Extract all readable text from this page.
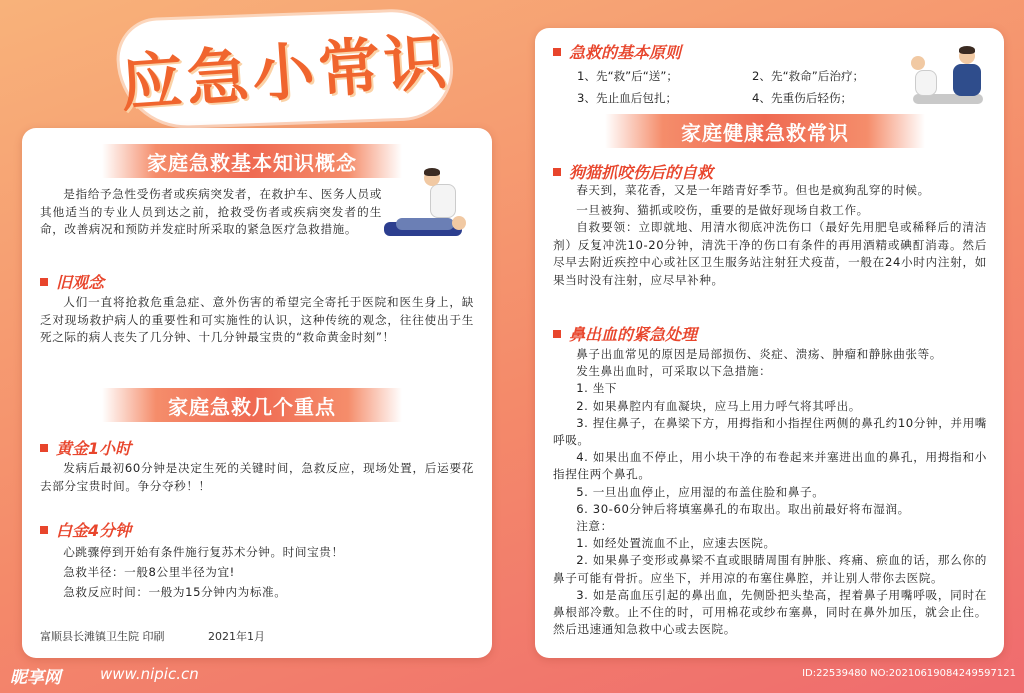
应急小常识
家庭急救基本知识概念

是指给予急性受伤者或疾病突发者，在救护车、医务人员或其他适当的专业人员到达之前，抢救受伤者或疾病突发者的生命，改善病况和预防并发症时所采取的紧急医疗急救措施。

旧观念

人们一直将抢救危重急症、意外伤害的希望完全寄托于医院和医生身上，缺乏对现场救护病人的重要性和可实施性的认识，这种传统的观念，往往使出于生死之际的病人丧失了几分钟、十几分钟最宝贵的“救命黄金时刻”！

家庭急救几个重点
黄金1小时

发病后最初60分钟是决定生死的关键时间，急救反应，现场处置，后运要花去部分宝贵时间。争分夺秒！！

白金4分钟

心跳骤停到开始有条件施行复苏术分钟。时间宝贵！

急救半径：一般8公里半径为宜!

急救反应时间：一般为15分钟内为标准。

富顺县长滩镇卫生院 印刷	2021年1月
急救的基本原则
1、先“救”后“送”；	2、先“救命”后治疗；
3、先止血后包扎；	4、先重伤后轻伤；
家庭健康急救常识
狗猫抓咬伤后的自救

春天到，菜花香，又是一年踏青好季节。但也是疯狗乱穿的时候。

一旦被狗、猫抓或咬伤，重要的是做好现场自救工作。

自救要领：立即就地、用清水彻底冲洗伤口（最好先用肥皂或稀释后的清洁剂）反复冲洗10-20分钟，清洗干净的伤口有条件的再用酒精或碘酊消毒。然后尽早去附近疾控中心或社区卫生服务站注射狂犬疫苗，一般在24小时内注射，如果当时没有注射，应尽早补种。

鼻出血的紧急处理

鼻子出血常见的原因是局部损伤、炎症、溃疡、肿瘤和静脉曲张等。

发生鼻出血时，可采取以下急措施：

1. 坐下

2. 如果鼻腔内有血凝块，应马上用力呼气将其呼出。

3. 捏住鼻子，在鼻梁下方，用拇指和小指捏住两侧的鼻孔约10分钟，并用嘴呼吸。

4. 如果出血不停止，用小块干净的布卷起来并塞进出血的鼻孔，用拇指和小指捏住两个鼻孔。

5. 一旦出血停止，应用湿的布盖住脸和鼻子。

6. 30-60分钟后将填塞鼻孔的布取出。取出前最好将布湿润。

注意：

1. 如经处置流血不止，应速去医院。

2. 如果鼻子变形或鼻梁不直或眼睛周围有肿胀、疼痛、瘀血的话，那么你的鼻子可能有骨折。应坐下，并用凉的布塞住鼻腔，并让别人带你去医院。

3. 如是高血压引起的鼻出血，先侧卧把头垫高，捏着鼻子用嘴呼吸，同时在鼻根部冷敷。止不住的时，可用棉花或纱布塞鼻，同时在鼻外加压，就会止住。然后迅速通知急救中心或去医院。

昵享网	www.nipic.cn	ID:22539480 NO:20210619084249597121
